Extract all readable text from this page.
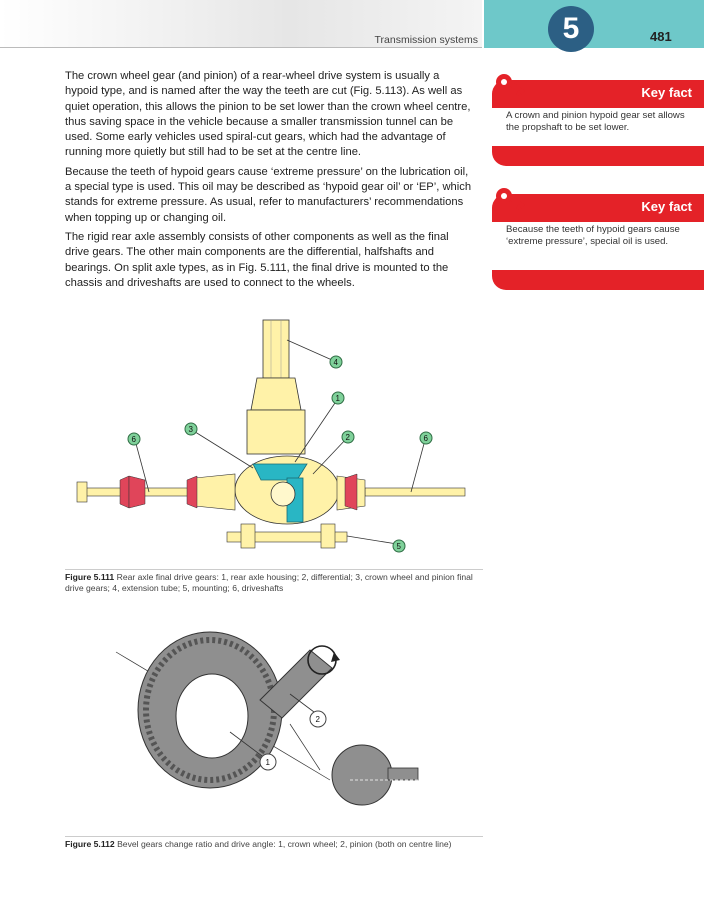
Transmission systems	5	481

The crown wheel gear (and pinion) of a rear-wheel drive system is usually a hypoid type, and is named after the way the teeth are cut (Fig. 5.113). As well as quiet operation, this allows the pinion to be set lower than the crown wheel centre, thus saving space in the vehicle because a smaller transmission tunnel can be used. Some early vehicles used spiral-cut gears, which had the advantage of running more quietly but still had to be set at the centre line.

Because the teeth of hypoid gears cause ‘extreme pressure’ on the lubrication oil, a special type is used. This oil may be described as ‘hypoid gear oil’ or ‘EP’, which stands for extreme pressure. As usual, refer to manufacturers’ recommendations when topping up or changing oil.

The rigid rear axle assembly consists of other components as well as the final drive gears. The other main components are the differential, halfshafts and bearings. On split axle types, as in Fig. 5.111, the final drive is mounted to the chassis and driveshafts are used to connect to the wheels.

Key fact
A crown and pinion hypoid gear set allows the propshaft to be set lower.
Key fact
Because the teeth of hypoid gears cause ‘extreme pressure’, special oil is used.
4
1
2
3
6	6
5
Figure 5.111 Rear axle final drive gears: 1, rear axle housing; 2, differential; 3, crown wheel and pinion final drive gears; 4, extension tube; 5, mounting; 6, driveshafts
1
2
Figure 5.112 Bevel gears change ratio and drive angle: 1, crown wheel; 2, pinion (both on centre line)
